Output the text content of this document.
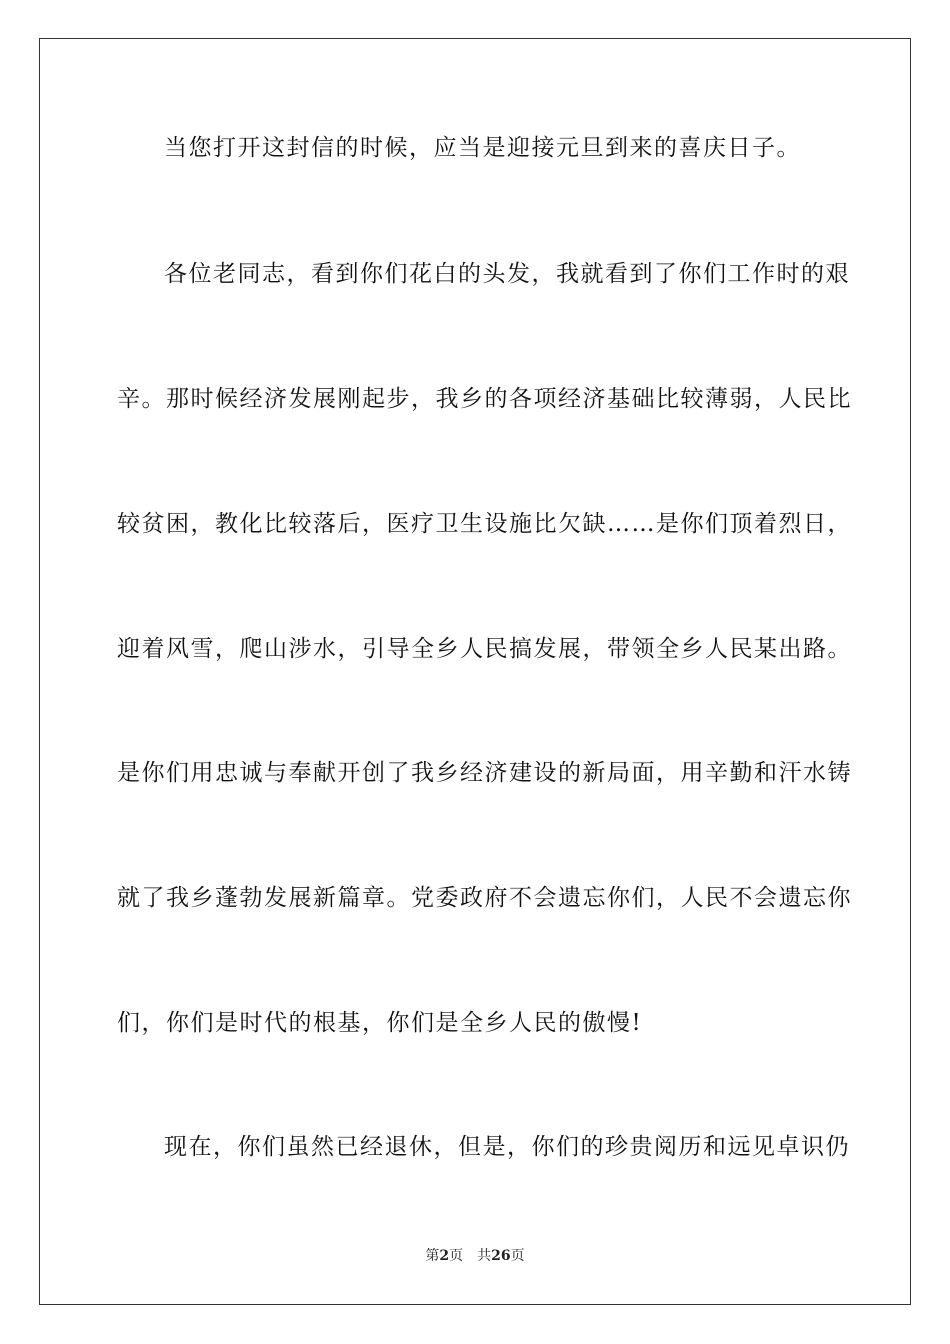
当您打开这封信的时候，应当是迎接元旦到来的喜庆日子。
各位老同志，看到你们花白的头发，我就看到了你们工作时的艰
辛。那时候经济发展刚起步，我乡的各项经济基础比较薄弱，人民比
较贫困，教化比较落后，医疗卫生设施比欠缺……是你们顶着烈日，
迎着风雪，爬山涉水，引导全乡人民搞发展，带领全乡人民某出路。
是你们用忠诚与奉献开创了我乡经济建设的新局面，用辛勤和汗水铸
就了我乡蓬勃发展新篇章。党委政府不会遗忘你们，人民不会遗忘你
们，你们是时代的根基，你们是全乡人民的傲慢!
现在，你们虽然已经退休，但是，你们的珍贵阅历和远见卓识仍
第2页 共26页
